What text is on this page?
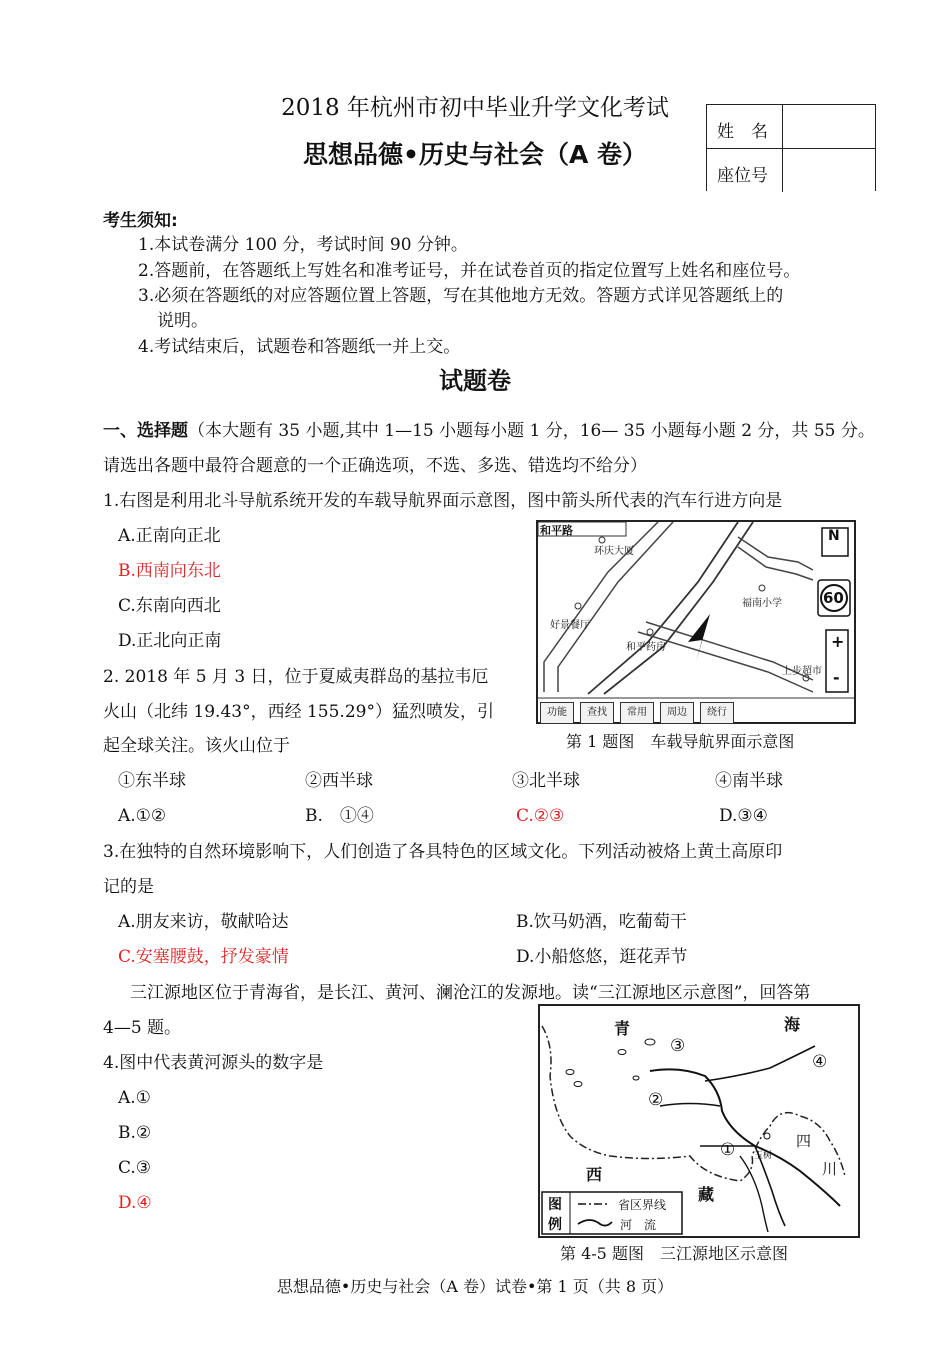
2018 年杭州市初中毕业升学文化考试
思想品德•历史与社会（A 卷）
姓　名
座位号
考生须知:
1.本试卷满分 100 分，考试时间 90 分钟。
2.答题前，在答题纸上写姓名和准考证号，并在试卷首页的指定位置写上姓名和座位号。
3.必须在答题纸的对应答题位置上答题，写在其他地方无效。答题方式详见答题纸上的
说明。
4.考试结束后，试题卷和答题纸一并上交。
试题卷
一、选择题（本大题有 35 小题,其中 1—15 小题每小题 1 分，16— 35 小题每小题 2 分，共 55 分。
请选出各题中最符合题意的一个正确选项，不选、多选、错选均不给分）
1.右图是利用北斗导航系统开发的车载导航界面示意图，图中箭头所代表的汽车行进方向是
A.正南向正北
B.西南向东北
C.东南向西北
D.正北向正南
和平路
环庆大厦
福南小学
好景餐厅
和平药房
上步超市
N
60
+
-
功能	查找	常用	周边	绕行
第 1 题图　车载导航界面示意图
2. 2018 年 5 月 3 日，位于夏威夷群岛的基拉韦厄
火山（北纬 19.43°，西经 155.29°）猛烈喷发，引
起全球关注。该火山位于
①东半球	②西半球	③北半球	④南半球
A.①②	B.　①④	C.②③	D.③④
3.在独特的自然环境影响下，人们创造了各具特色的区域文化。下列活动被烙上黄土高原印
记的是
A.朋友来访，敬献哈达	B.饮马奶酒，吃葡萄干
C.安塞腰鼓，抒发豪情	D.小船悠悠，逛花弄节
三江源地区位于青海省，是长江、黄河、澜沧江的发源地。读“三江源地区示意图”，回答第
4—5 题。
4.图中代表黄河源头的数字是
A.①
B.②
C.③
D.④
青	海
西
藏
四
川
玉树
③
④
②
①
图
例
省区界线
河　流
第 4-5 题图　三江源地区示意图
思想品德•历史与社会（A 卷）试卷•第 1 页（共 8 页）
